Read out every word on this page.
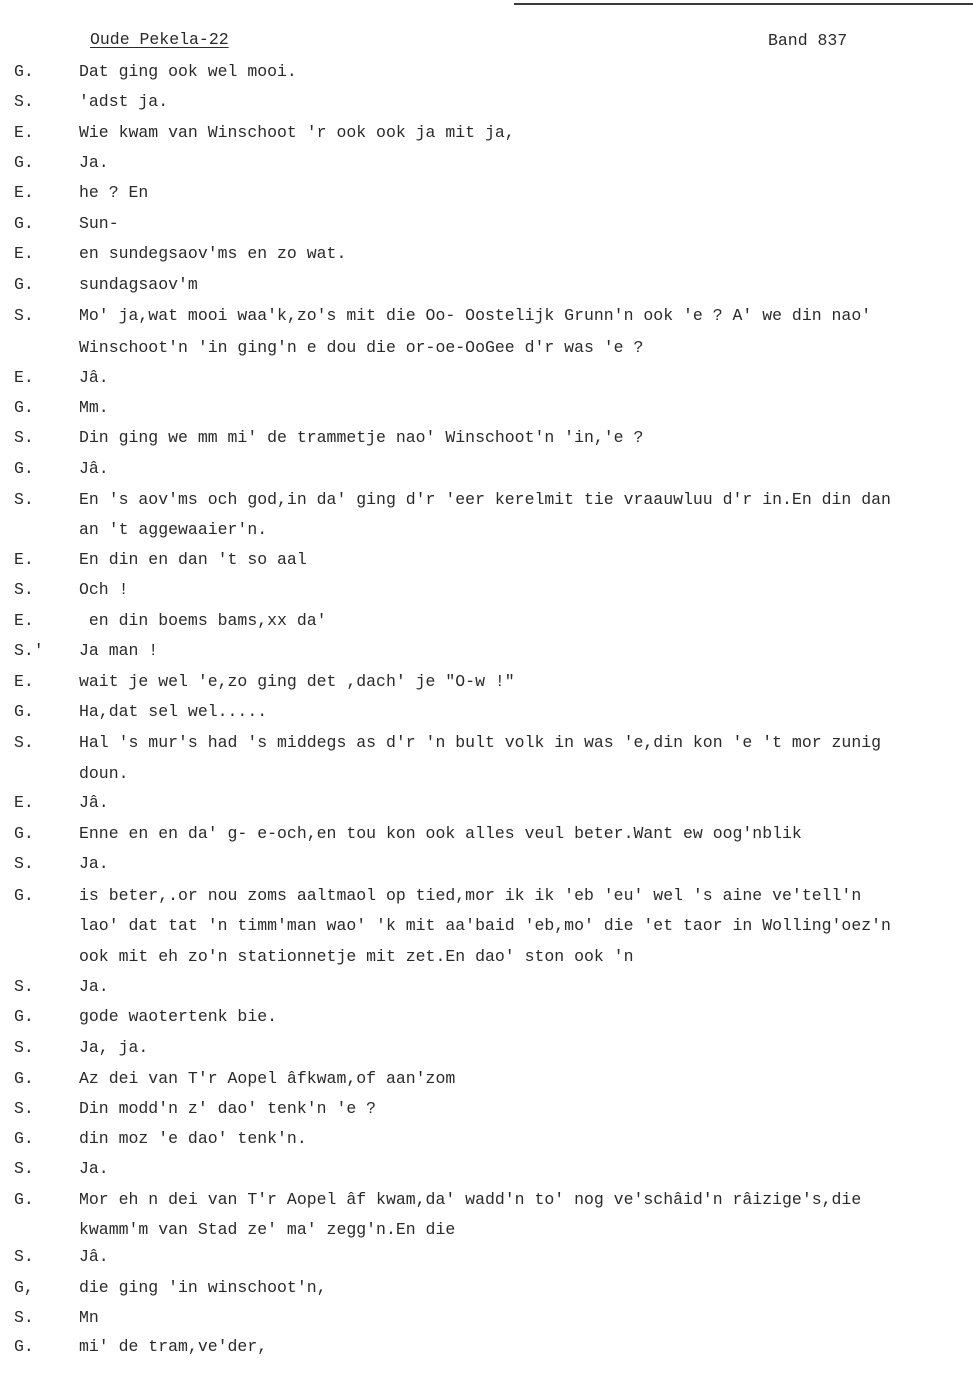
Oude Pekela-22	Band 837
G.	Dat ging ook wel mooi.
S.	'adst ja.
E.	Wie kwam van Winschoot 'r ook ook ja mit ja,
G.	Ja.
E.	he ? En
G.	Sun-
E.	en sundegsaov'ms en zo wat.
G.	sundagsaov'm
S.	Mo' ja,wat mooi waa'k,zo's mit die Oo- Oostelijk Grunn'n ook 'e ? A' we din nao'
Winschoot'n 'in ging'n e dou die or-oe-OoGee d'r was 'e ?
E.	Jâ.
G.	Mm.
S.	Din ging we mm mi' de trammetje nao' Winschoot'n 'in,'e ?
G.	Jâ.
S.	En 's aov'ms och god,in da' ging d'r 'eer kerelmit tie vraauwluu d'r in.En din dan
an 't aggewaaier'n.
E.	En din en dan 't so aal
S.	Och !
E.	en din boems bams,xx da'
S.' Ja man !
E.	wait je wel 'e,zo ging det ,dach' je "O-w !"
G.	Ha,dat sel wel.....
S.	Hal 's mur's had 's middegs as d'r 'n bult volk in was 'e,din kon 'e 't mor zunig
doun.
E.	Jâ.
G.	Enne en en da' g- e-och,en tou kon ook alles veul beter.Want ew oog'nblik
S.	Ja.
G.	is beter,.or nou zoms aaltmaol op tied,mor ik ik 'eb 'eu' wel 's aine ve'tell'n
lao' dat tat 'n timm'man wao' 'k mit aa'baid 'eb,mo' die 'et taor in Wolling'oez'n
ook mit eh zo'n stationnetje mit zet.En dao' ston ook 'n
S.	Ja.
G.	gode waotertenk bie.
S.	Ja, ja.
G.	Az dei van T'r Aopel âfkwam,of aan'zom
S.	Din modd'n z' dao' tenk'n 'e ?
G.	din moz 'e dao' tenk'n.
S.	Ja.
G.	Mor eh n dei van T'r Aopel âf kwam,da' wadd'n to' nog ve'schâid'n râizige's,die
kwamm'm van Stad ze' ma' zegg'n.En die
S.	Jâ.
G,	die ging 'in winschoot'n,
S.	Mn
G.	mi' de tram,ve'der,
